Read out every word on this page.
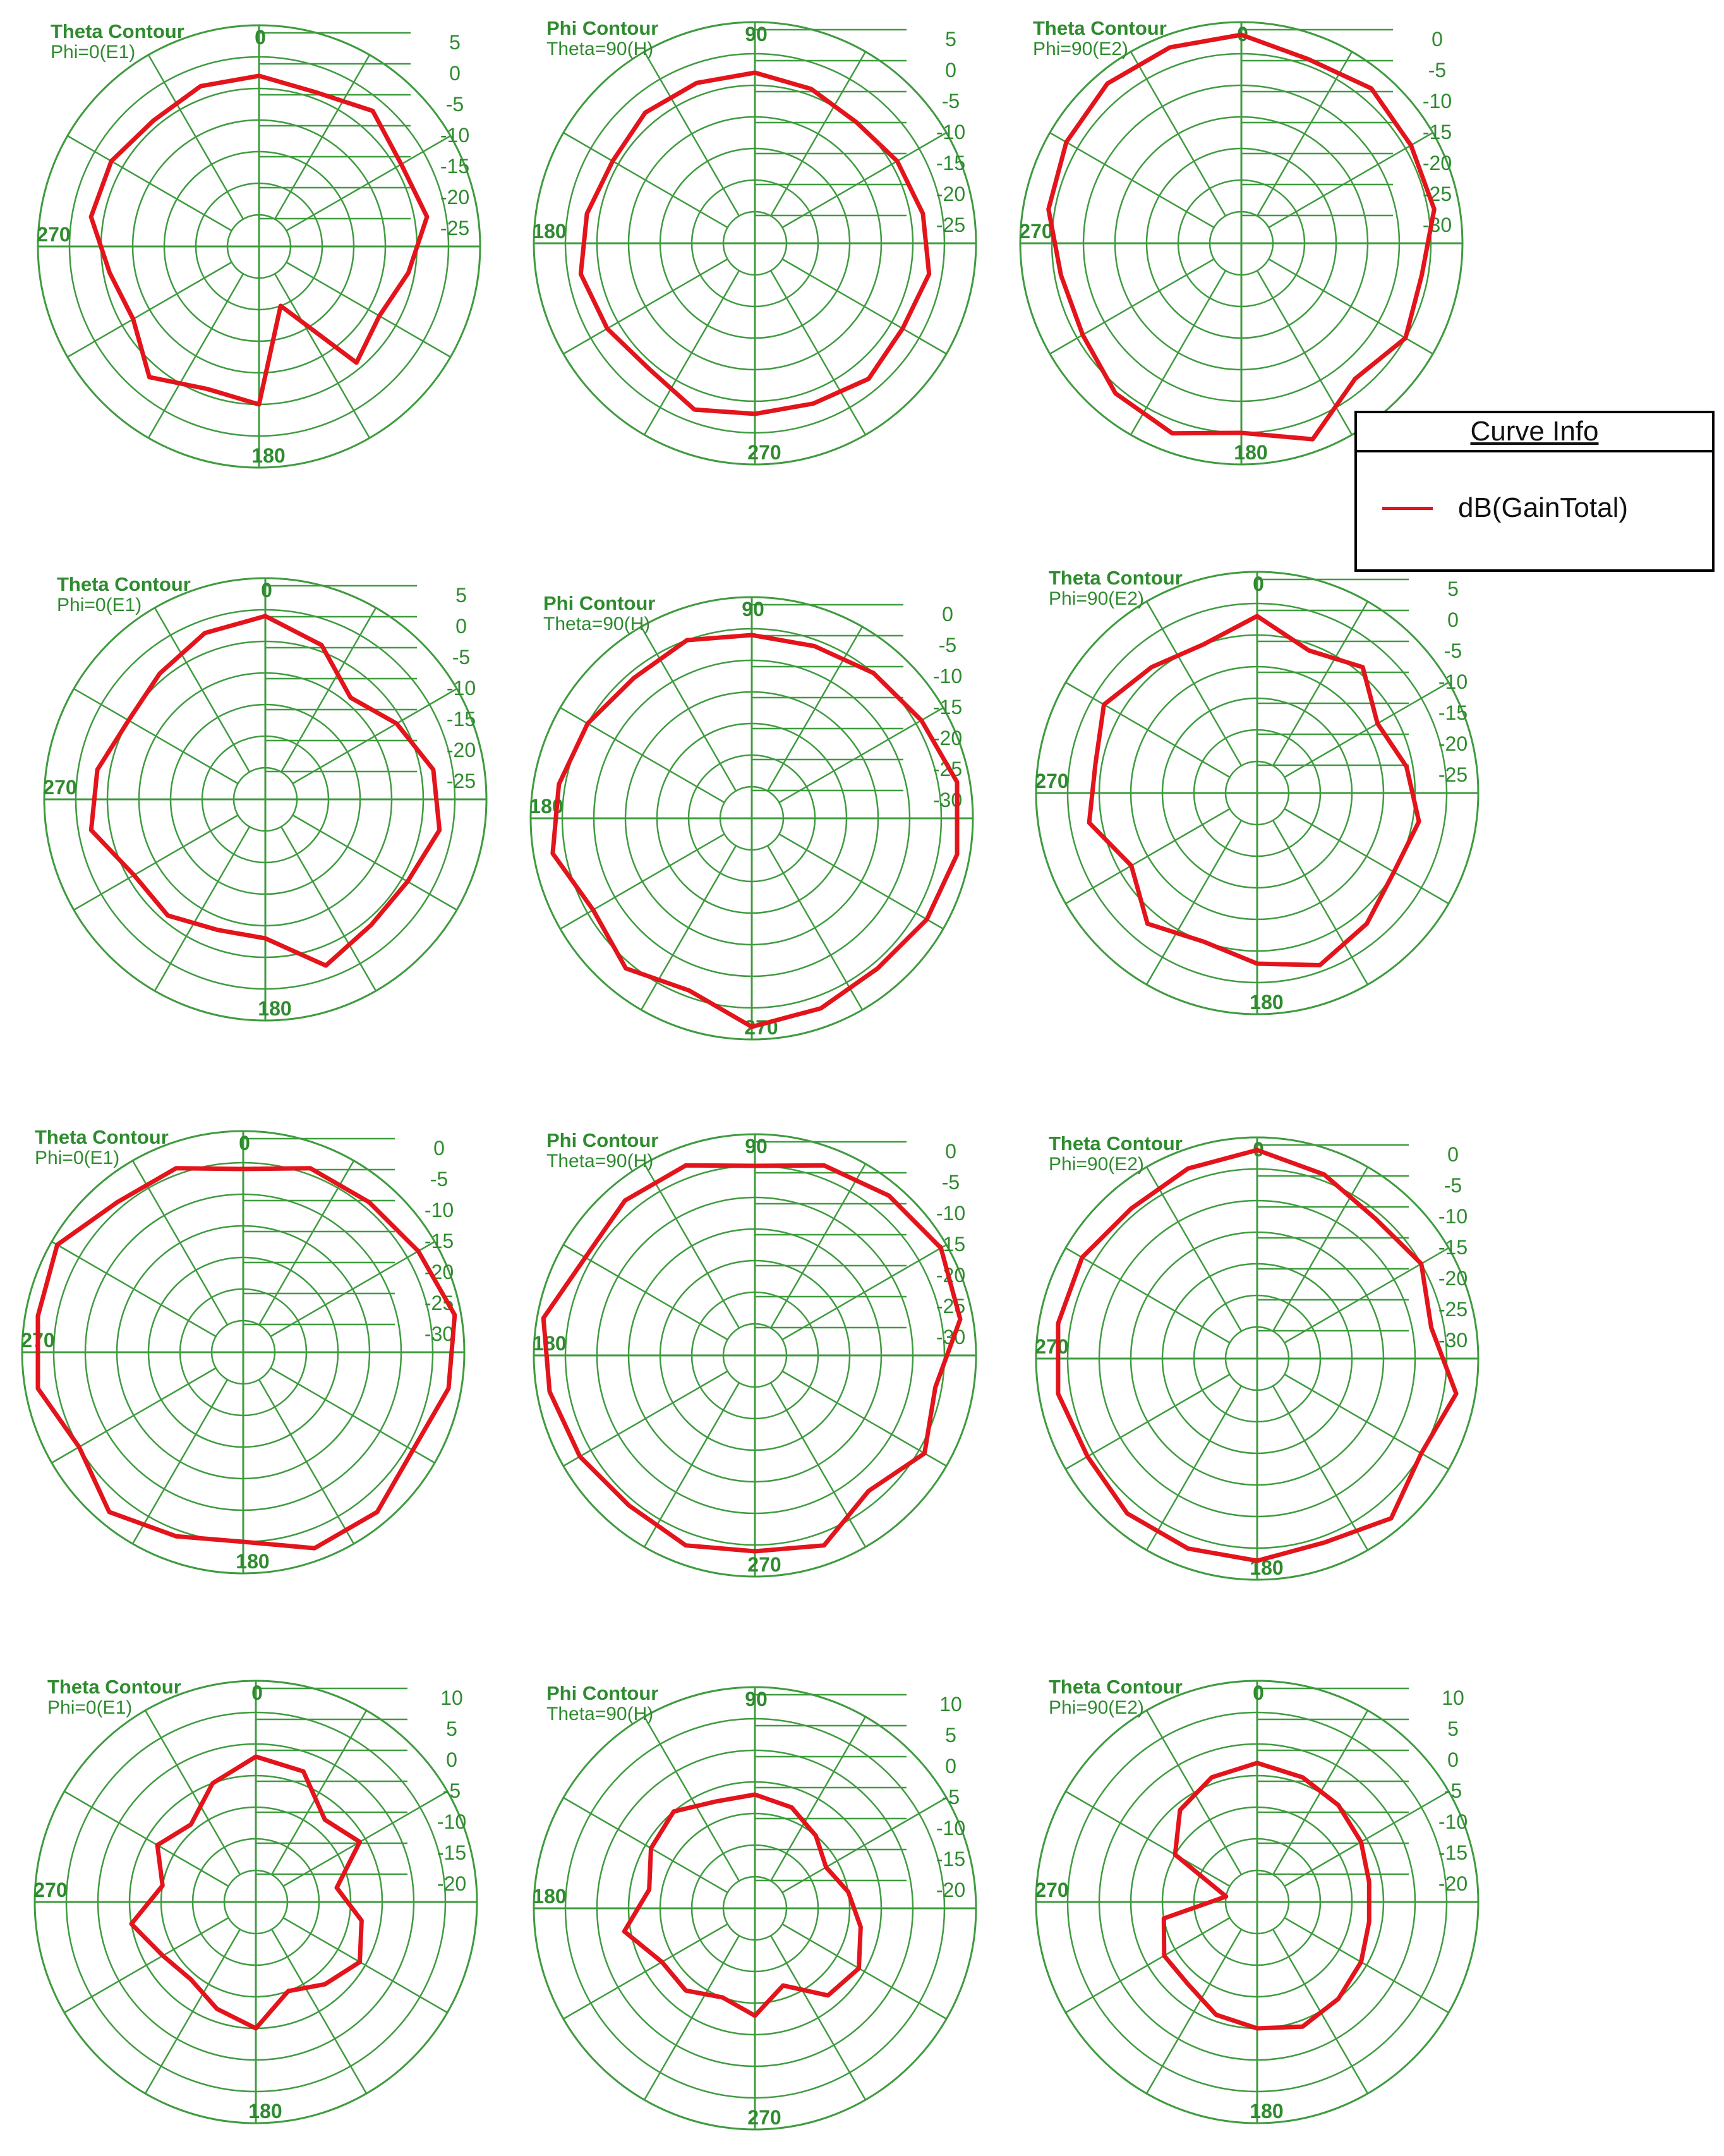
5
0
-5
-10
-15
-20
-25
0
270
180
Theta Contour
Phi=0(E1)
5
0
-5
-10
-15
-20
-25
90
180
270
Phi Contour
Theta=90(H)	0
-5
-10
-15
-20
-25
-30
0
270
180
Theta Contour
Phi=90(E2)
5
0
-5
-10
-15
-20
-25
0
270
180
Theta Contour
Phi=0(E1)	0
-5
-10
-15
-20
-25
-30
90
180
270
Phi Contour
Theta=90(H)
5
0
-5
-10
-15
-20
-25
0
270
180
Theta Contour
Phi=90(E2)
0
-5
-10
-15
-20
-25
-30
0
270
180
Theta Contour
Phi=0(E1)	0
-5
-10
-15
-20
-25
-30
90
180
270
Phi Contour
Theta=90(H)	0
-5
-10
-15
-20
-25
-30
0
270
180
Theta Contour
Phi=90(E2)
10
5
0
-5
-10
-15
-20
0
270
180
Theta Contour
Phi=0(E1)	10
5
0
-5
-10
-15
-20
90
180
270
Phi Contour
Theta=90(H)
10
5
0
-5
-10
-15
-20
0
270
180
Theta Contour
Phi=90(E2)
Curve Info
dB(GainTotal)
